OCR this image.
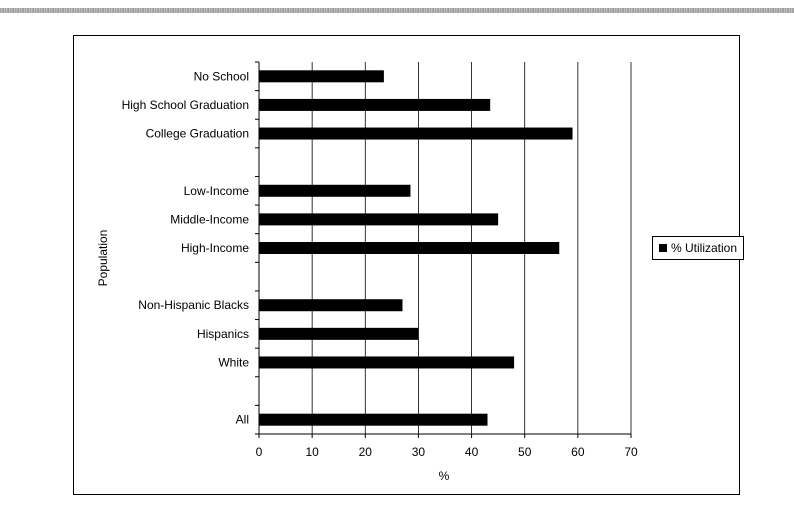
0	10	20	30	40	50	60	70
No School
High School Graduation
College Graduation
Low-Income
Middle-Income
High-Income
Non-Hispanic Blacks
Hispanics
White
All
%
Population	% Utilization
